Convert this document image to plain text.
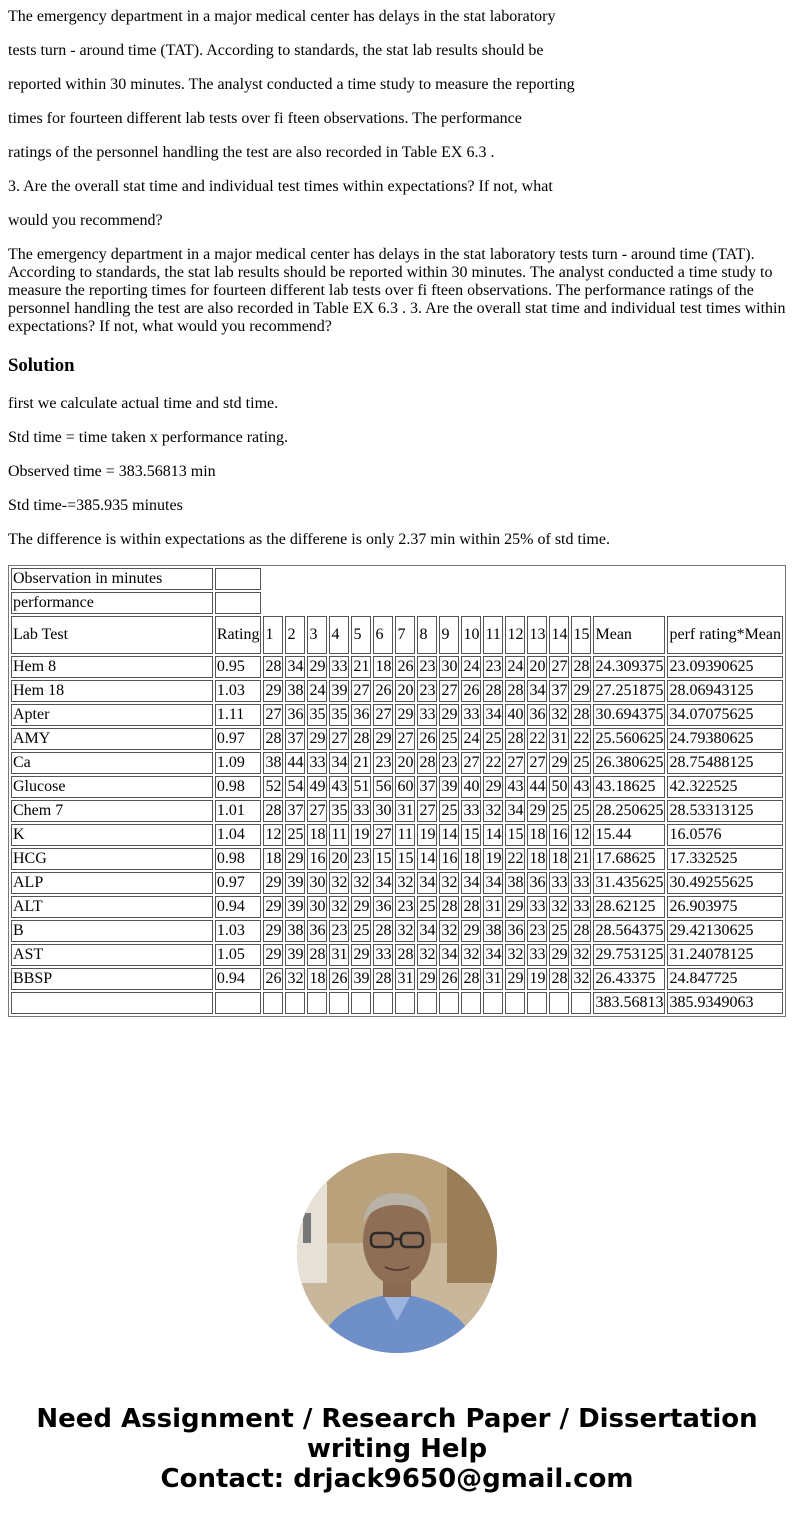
The emergency department in a major medical center has delays in the stat laboratory

tests turn - around time (TAT). According to standards, the stat lab results should be

reported within 30 minutes. The analyst conducted a time study to measure the reporting

times for fourteen different lab tests over fi fteen observations. The performance

ratings of the personnel handling the test are also recorded in Table EX 6.3 .

3. Are the overall stat time and individual test times within expectations? If not, what

would you recommend?

The emergency department in a major medical center has delays in the stat laboratory tests turn - around time (TAT). According to standards, the stat lab results should be reported within 30 minutes. The analyst conducted a time study to measure the reporting times for fourteen different lab tests over fi fteen observations. The performance ratings of the personnel handling the test are also recorded in Table EX 6.3 . 3. Are the overall stat time and individual test times within expectations? If not, what would you recommend?

Solution

first we calculate actual time and std time.

Std time = time taken x performance rating.

Observed time = 383.56813 min

Std time-=385.935 minutes

The difference is within expectations as the differene is only 2.37 min within 25% of std time.

Observation in minutes																		
performance																		
Lab Test	Rating	1	2	3	4	5	6	7	8	9	10	11	12	13	14	15	Mean	perf rating*Mean
Hem 8	0.95	28	34	29	33	21	18	26	23	30	24	23	24	20	27	28	24.309375	23.09390625
Hem 18	1.03	29	38	24	39	27	26	20	23	27	26	28	28	34	37	29	27.251875	28.06943125
Apter	1.11	27	36	35	35	36	27	29	33	29	33	34	40	36	32	28	30.694375	34.07075625
AMY	0.97	28	37	29	27	28	29	27	26	25	24	25	28	22	31	22	25.560625	24.79380625
Ca	1.09	38	44	33	34	21	23	20	28	23	27	22	27	27	29	25	26.380625	28.75488125
Glucose	0.98	52	54	49	43	51	56	60	37	39	40	29	43	44	50	43	43.18625	42.322525
Chem 7	1.01	28	37	27	35	33	30	31	27	25	33	32	34	29	25	25	28.250625	28.53313125
K	1.04	12	25	18	11	19	27	11	19	14	15	14	15	18	16	12	15.44	16.0576
HCG	0.98	18	29	16	20	23	15	15	14	16	18	19	22	18	18	21	17.68625	17.332525
ALP	0.97	29	39	30	32	32	34	32	34	32	34	34	38	36	33	33	31.435625	30.49255625
ALT	0.94	29	39	30	32	29	36	23	25	28	28	31	29	33	32	33	28.62125	26.903975
B	1.03	29	38	36	23	25	28	32	34	32	29	38	36	23	25	28	28.564375	29.42130625
AST	1.05	29	39	28	31	29	33	28	32	34	32	34	32	33	29	32	29.753125	31.24078125
BBSP	0.94	26	32	18	26	39	28	31	29	26	28	31	29	19	28	32	26.43375	24.847725
																	383.56813	385.9349063
Need Assignment / Research Paper / Dissertation
writing Help
Contact: drjack9650@gmail.com
